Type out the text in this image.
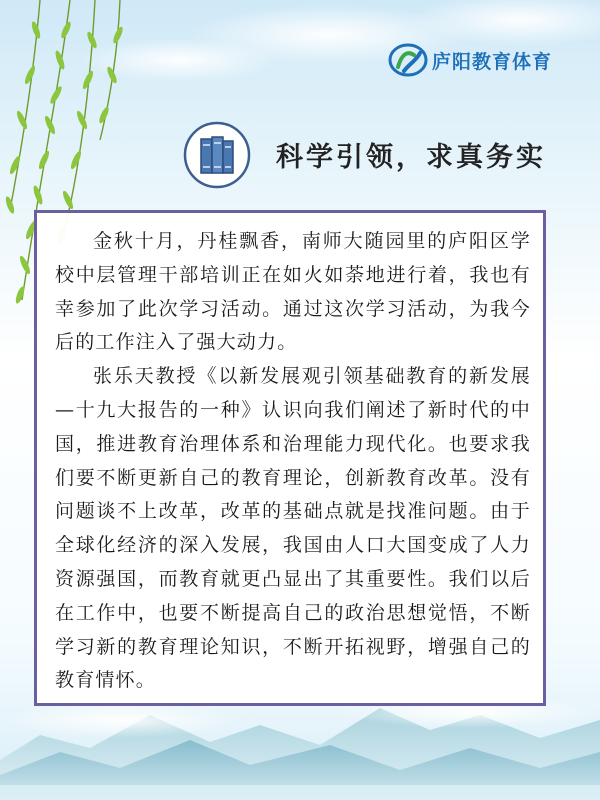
庐阳教育体育
科学引领，求真务实

金秋十月，丹桂飘香，南师大随园里的庐阳区学校中层管理干部培训正在如火如荼地进行着，我也有幸参加了此次学习活动。通过这次学习活动，为我今后的工作注入了强大动力。

张乐天教授《以新发展观引领基础教育的新发展—十九大报告的一种》认识向我们阐述了新时代的中国，推进教育治理体系和治理能力现代化。也要求我们要不断更新自己的教育理论，创新教育改革。没有问题谈不上改革，改革的基础点就是找准问题。由于全球化经济的深入发展，我国由人口大国变成了人力资源强国，而教育就更凸显出了其重要性。我们以后在工作中，也要不断提高自己的政治思想觉悟，不断学习新的教育理论知识，不断开拓视野，增强自己的教育情怀。
